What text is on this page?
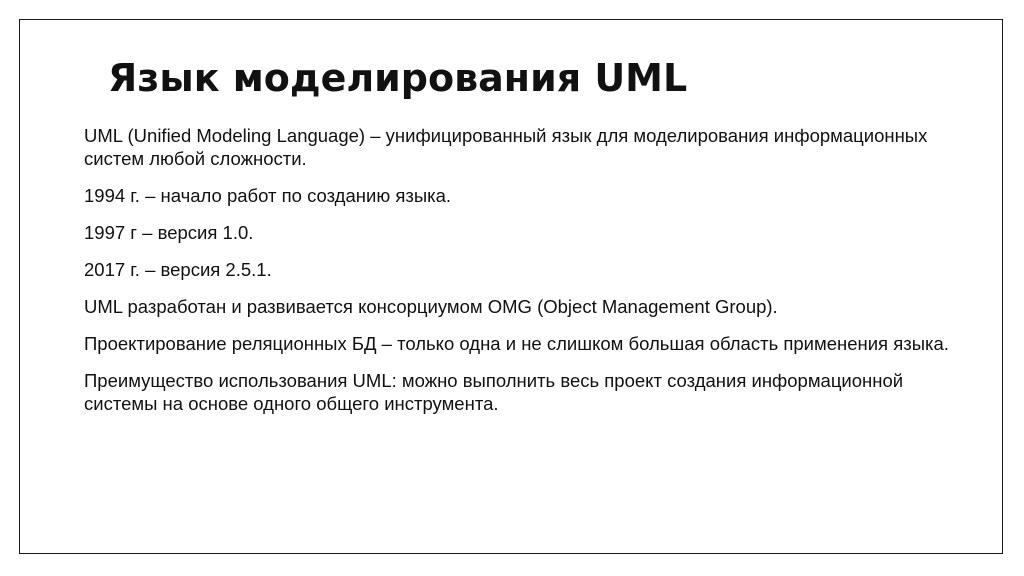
Язык моделирования UML

UML (Unified Modeling Language) – унифицированный язык для моделирования информационных систем любой сложности.

1994 г. – начало работ по созданию языка.

1997 г – версия 1.0.

2017 г. – версия 2.5.1.

UML разработан и развивается консорциумом OMG (Object Management Group).

Проектирование реляционных БД – только одна и не слишком большая область применения языка.

Преимущество использования UML: можно выполнить весь проект создания информационной системы на основе одного общего инструмента.
